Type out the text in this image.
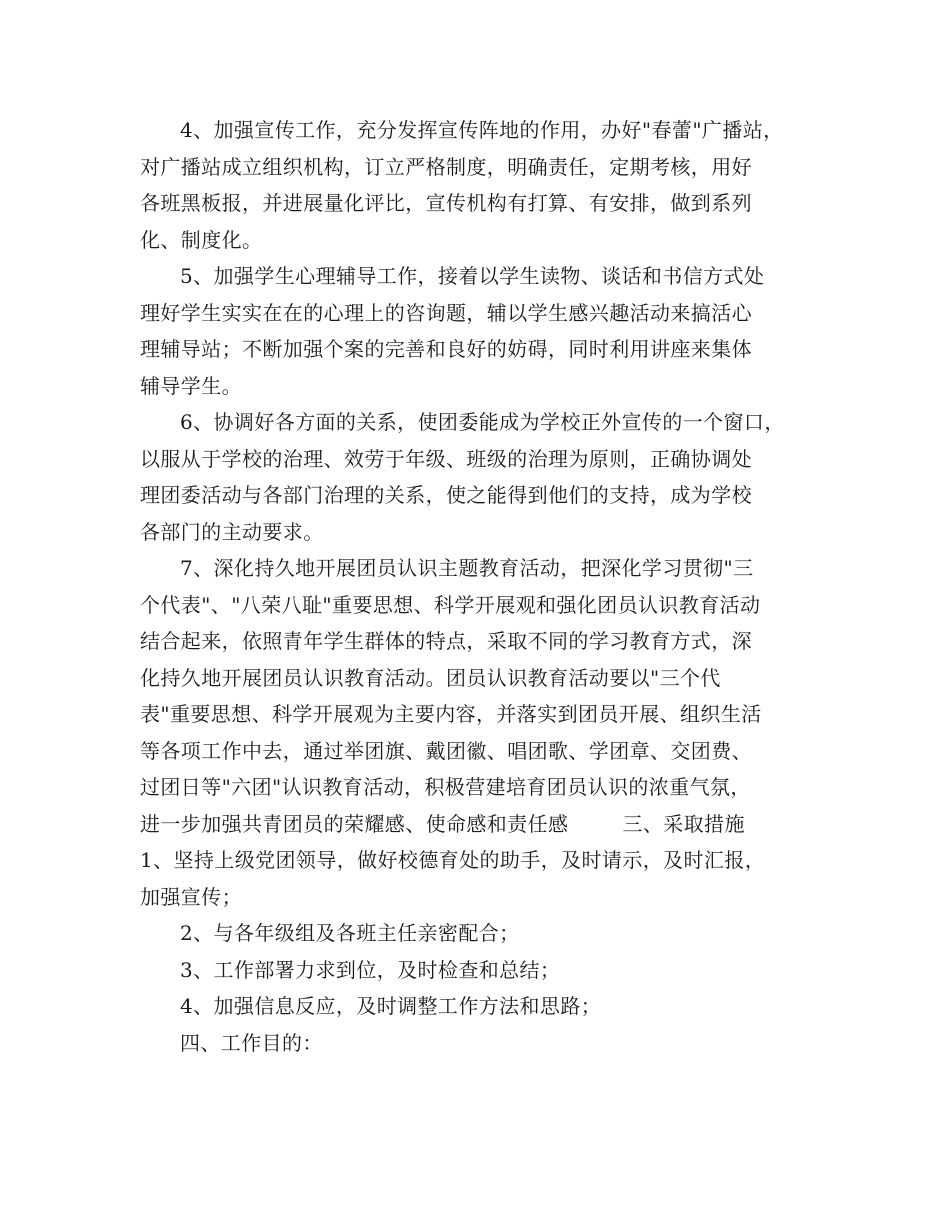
4、加强宣传工作，充分发挥宣传阵地的作用，办好"春蕾"广播站，
对广播站成立组织机构，订立严格制度，明确责任，定期考核，用好
各班黑板报，并进展量化评比，宣传机构有打算、有安排，做到系列
化、制度化。
5、加强学生心理辅导工作，接着以学生读物、谈话和书信方式处
理好学生实实在在的心理上的咨询题，辅以学生感兴趣活动来搞活心
理辅导站；不断加强个案的完善和良好的妨碍，同时利用讲座来集体
辅导学生。
6、协调好各方面的关系，使团委能成为学校正外宣传的一个窗口，
以服从于学校的治理、效劳于年级、班级的治理为原则，正确协调处
理团委活动与各部门治理的关系，使之能得到他们的支持，成为学校
各部门的主动要求。
7、深化持久地开展团员认识主题教育活动，把深化学习贯彻"三
个代表"、"八荣八耻"重要思想、科学开展观和强化团员认识教育活动
结合起来，依照青年学生群体的特点，采取不同的学习教育方式，深
化持久地开展团员认识教育活动。团员认识教育活动要以"三个代
表"重要思想、科学开展观为主要内容，并落实到团员开展、组织生活
等各项工作中去，通过举团旗、戴团徽、唱团歌、学团章、交团费、
过团日等"六团"认识教育活动，积极营建培育团员认识的浓重气氛，
进一步加强共青团员的荣耀感、使命感和责任感        三、采取措施
1、坚持上级党团领导，做好校德育处的助手，及时请示，及时汇报，
加强宣传；
2、与各年级组及各班主任亲密配合；
3、工作部署力求到位，及时检查和总结；
4、加强信息反应，及时调整工作方法和思路；
四、工作目的：
